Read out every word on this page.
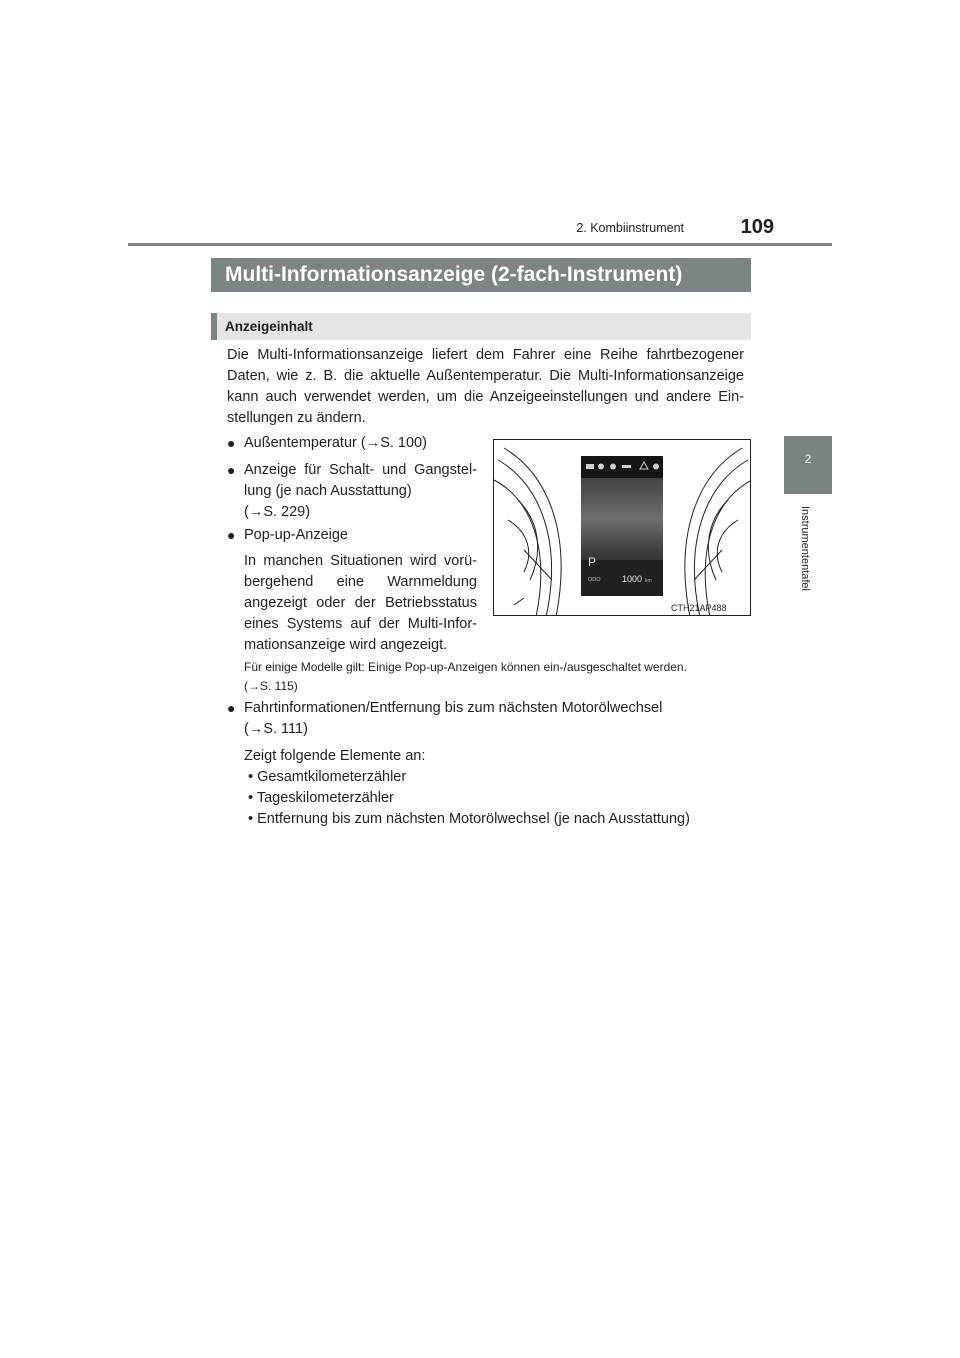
2. Kombiinstrument	109
2
Instrumententafel
Multi-Informationsanzeige (2-fach-Instrument)
Anzeigeinhalt
Die Multi-Informationsanzeige liefert dem Fahrer eine Reihe fahrtbezogener
Daten, wie z. B. die aktuelle Außentemperatur. Die Multi-Informationsanzeige
kann auch verwendet werden, um die Anzeigeeinstellungen und andere Ein-
stellungen zu ändern.
● Außentemperatur (→S. 100)
● Anzeige für Schalt- und Gangstel-
lung (je nach Ausstattung)
(→S. 229)
● Pop-up-Anzeige
In manchen Situationen wird vorü-
bergehend eine Warnmeldung
angezeigt oder der Betriebsstatus
eines Systems auf der Multi-Infor-
mationsanzeige wird angezeigt.
Für einige Modelle gilt: Einige Pop-up-Anzeigen können ein-/ausgeschaltet werden.
(→S. 115)
● Fahrtinformationen/Entfernung bis zum nächsten Motorölwechsel
(→S. 111)
Zeigt folgende Elemente an:
• Gesamtkilometerzähler
• Tageskilometerzähler
• Entfernung bis zum nächsten Motorölwechsel (je nach Ausstattung)
P
ODO 1000 km
CTH21AP488
